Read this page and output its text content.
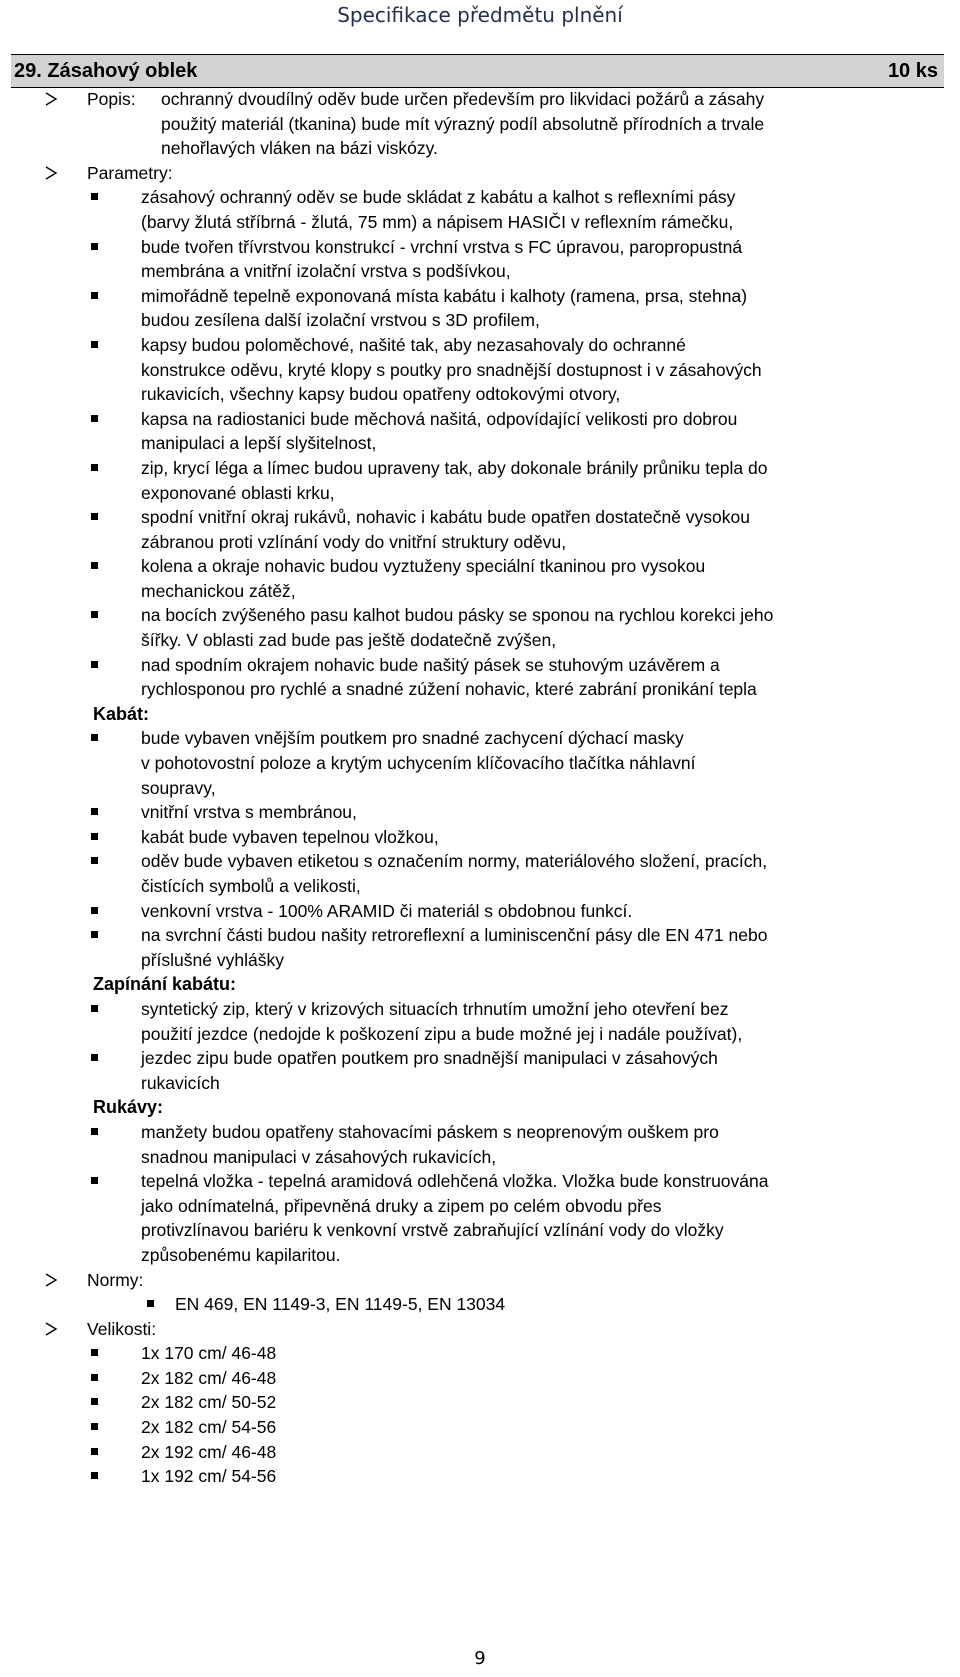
Specifikace předmětu plnění
29. Zásahový oblek	10 ks
Popis:	ochranný dvoudílný oděv bude určen především pro likvidaci požárů a zásahy
použitý materiál (tkanina) bude mít výrazný podíl absolutně přírodních a trvale
nehořlavých vláken na bázi viskózy.
Parametry:
zásahový ochranný oděv se bude skládat z kabátu a kalhot s reflexními pásy
(barvy žlutá stříbrná - žlutá, 75 mm) a nápisem HASIČI v reflexním rámečku,
bude tvořen třívrstvou konstrukcí - vrchní vrstva s FC úpravou, paropropustná
membrána a vnitřní izolační vrstva s podšívkou,
mimořádně tepelně exponovaná místa kabátu i kalhoty (ramena, prsa, stehna)
budou zesílena další izolační vrstvou s 3D profilem,
kapsy budou poloměchové, našité tak, aby nezasahovaly do ochranné
konstrukce oděvu, kryté klopy s poutky pro snadnější dostupnost i v zásahových
rukavicích, všechny kapsy budou opatřeny odtokovými otvory,
kapsa na radiostanici bude měchová našitá, odpovídající velikosti pro dobrou
manipulaci a lepší slyšitelnost,
zip, krycí léga a límec budou upraveny tak, aby dokonale bránily průniku tepla do
exponované oblasti krku,
spodní vnitřní okraj rukávů, nohavic i kabátu bude opatřen dostatečně vysokou
zábranou proti vzlínání vody do vnitřní struktury oděvu,
kolena a okraje nohavic budou vyztuženy speciální tkaninou pro vysokou
mechanickou zátěž,
na bocích zvýšeného pasu kalhot budou pásky se sponou na rychlou korekci jeho
šířky. V oblasti zad bude pas ještě dodatečně zvýšen,
nad spodním okrajem nohavic bude našitý pásek se stuhovým uzávěrem a
rychlosponou pro rychlé a snadné zúžení nohavic, které zabrání pronikání tepla
Kabát:
bude vybaven vnějším poutkem pro snadné zachycení dýchací masky
v pohotovostní poloze a krytým uchycením klíčovacího tlačítka náhlavní
soupravy,
vnitřní vrstva s membránou,
kabát bude vybaven tepelnou vložkou,
oděv bude vybaven etiketou s označením normy, materiálového složení, pracích,
čistících symbolů a velikosti,
venkovní vrstva - 100% ARAMID či materiál s obdobnou funkcí.
na svrchní části budou našity retroreflexní a luminiscenční pásy dle EN 471 nebo
příslušné vyhlášky
Zapínání kabátu:
syntetický zip, který v krizových situacích trhnutím umožní jeho otevření bez
použití jezdce (nedojde k poškození zipu a bude možné jej i nadále používat),
jezdec zipu bude opatřen poutkem pro snadnější manipulaci v zásahových
rukavicích
Rukávy:
manžety budou opatřeny stahovacími páskem s neoprenovým ouškem pro
snadnou manipulaci v zásahových rukavicích,
tepelná vložka - tepelná aramidová odlehčená vložka. Vložka bude konstruována
jako odnímatelná, připevněná druky a zipem po celém obvodu přes
protivzlínavou bariéru k venkovní vrstvě zabraňující vzlínání vody do vložky
způsobenému kapilaritou.
Normy:
EN 469, EN 1149-3, EN 1149-5, EN 13034
Velikosti:
1x 170 cm/ 46-48
2x 182 cm/ 46-48
2x 182 cm/ 50-52
2x 182 cm/ 54-56
2x 192 cm/ 46-48
1x 192 cm/ 54-56
9
